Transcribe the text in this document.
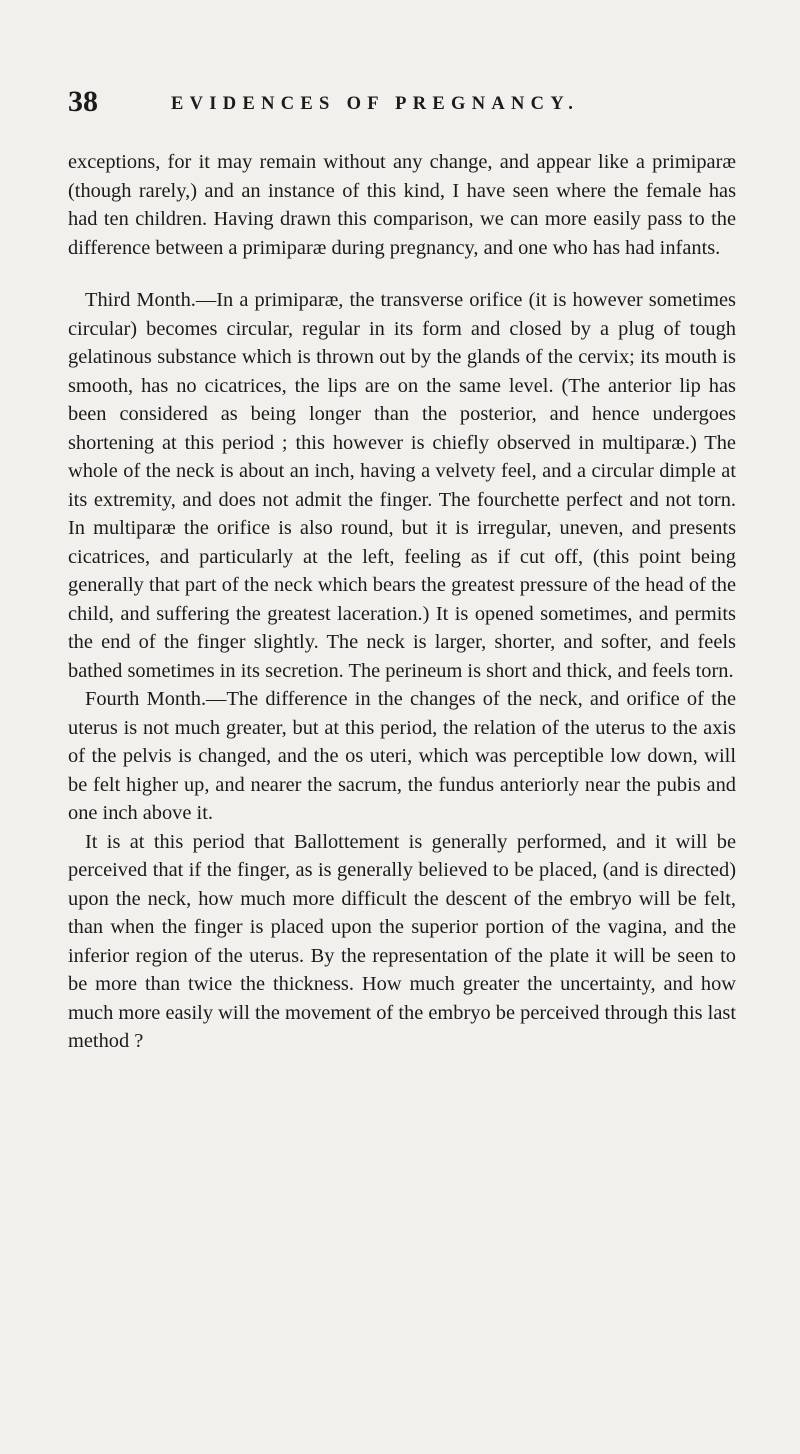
38	EVIDENCES OF PREGNANCY.

exceptions, for it may remain without any change, and appear like a primiparæ (though rarely,) and an instance of this kind, I have seen where the female has had ten children. Having drawn this comparison, we can more easily pass to the difference between a primiparæ during pregnancy, and one who has had infants.

Third Month.—In a primiparæ, the transverse orifice (it is however sometimes circular) becomes circular, regular in its form and closed by a plug of tough gelatinous substance which is thrown out by the glands of the cervix; its mouth is smooth, has no cicatrices, the lips are on the same level. (The anterior lip has been considered as being longer than the posterior, and hence undergoes shortening at this period ; this however is chiefly observed in multiparæ.) The whole of the neck is about an inch, having a velvety feel, and a circular dimple at its extremity, and does not admit the finger. The fourchette perfect and not torn. In multiparæ the orifice is also round, but it is irregular, uneven, and presents cicatrices, and particularly at the left, feeling as if cut off, (this point being generally that part of the neck which bears the greatest pressure of the head of the child, and suffering the greatest laceration.) It is opened sometimes, and permits the end of the finger slightly. The neck is larger, shorter, and softer, and feels bathed sometimes in its secretion. The perineum is short and thick, and feels torn.

Fourth Month.—The difference in the changes of the neck, and orifice of the uterus is not much greater, but at this period, the relation of the uterus to the axis of the pelvis is changed, and the os uteri, which was perceptible low down, will be felt higher up, and nearer the sacrum, the fundus anteriorly near the pubis and one inch above it.

It is at this period that Ballottement is generally performed, and it will be perceived that if the finger, as is generally believed to be placed, (and is directed) upon the neck, how much more difficult the descent of the embryo will be felt, than when the finger is placed upon the superior portion of the vagina, and the inferior region of the uterus. By the representation of the plate it will be seen to be more than twice the thickness. How much greater the uncertainty, and how much more easily will the movement of the embryo be perceived through this last method ?
